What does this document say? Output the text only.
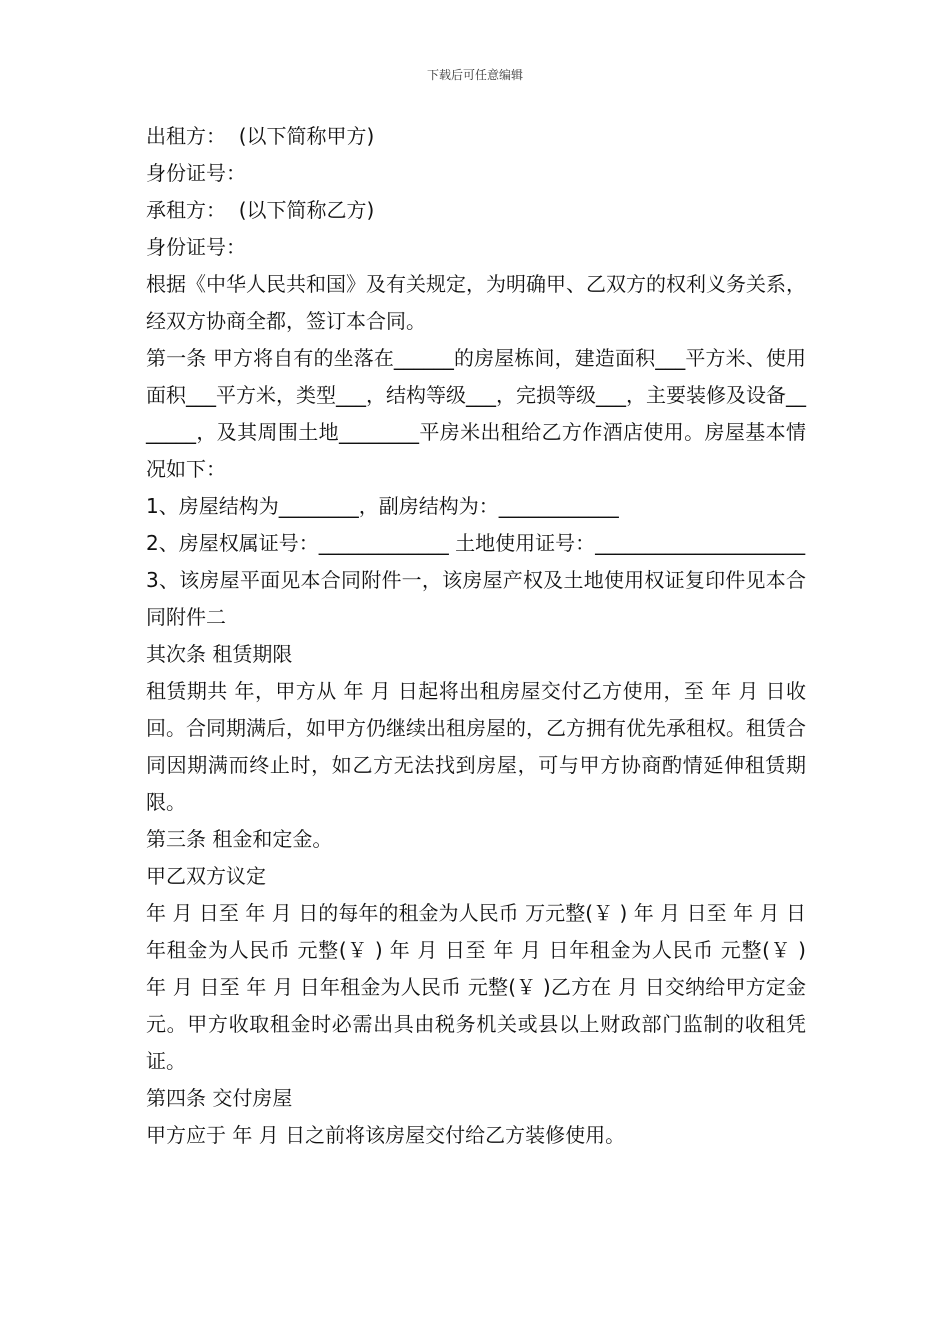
下载后可任意编辑

出租方：  (以下简称甲方)

身份证号：

承租方：  (以下简称乙方)

身份证号：

根据《中华人民共和国》及有关规定，为明确甲、乙双方的权利义务关系，经双方协商全都，签订本合同。

第一条 甲方将自有的坐落在______的房屋栋间，建造面积___平方米、使用面积___平方米，类型___，结构等级___，完损等级___，主要装修及设备_______，及其周围土地________平房米出租给乙方作酒店使用。房屋基本情况如下：

1、房屋结构为________，副房结构为：____________

2、房屋权属证号：_____________ 土地使用证号：_____________________

3、该房屋平面见本合同附件一，该房屋产权及土地使用权证复印件见本合同附件二

其次条 租赁期限

租赁期共 年，甲方从 年 月 日起将出租房屋交付乙方使用，至 年 月 日收回。合同期满后，如甲方仍继续出租房屋的，乙方拥有优先承租权。租赁合同因期满而终止时，如乙方无法找到房屋，可与甲方协商酌情延伸租赁期限。

第三条 租金和定金。

甲乙双方议定

年 月 日至 年 月 日的每年的租金为人民币 万元整(￥ ) 年 月 日至 年 月 日年租金为人民币 元整(￥ ) 年 月 日至 年 月 日年租金为人民币 元整(￥ ) 年 月 日至 年 月 日年租金为人民币 元整(￥ )乙方在 月 日交纳给甲方定金 元。甲方收取租金时必需出具由税务机关或县以上财政部门监制的收租凭证。

第四条 交付房屋

甲方应于 年 月 日之前将该房屋交付给乙方装修使用。
